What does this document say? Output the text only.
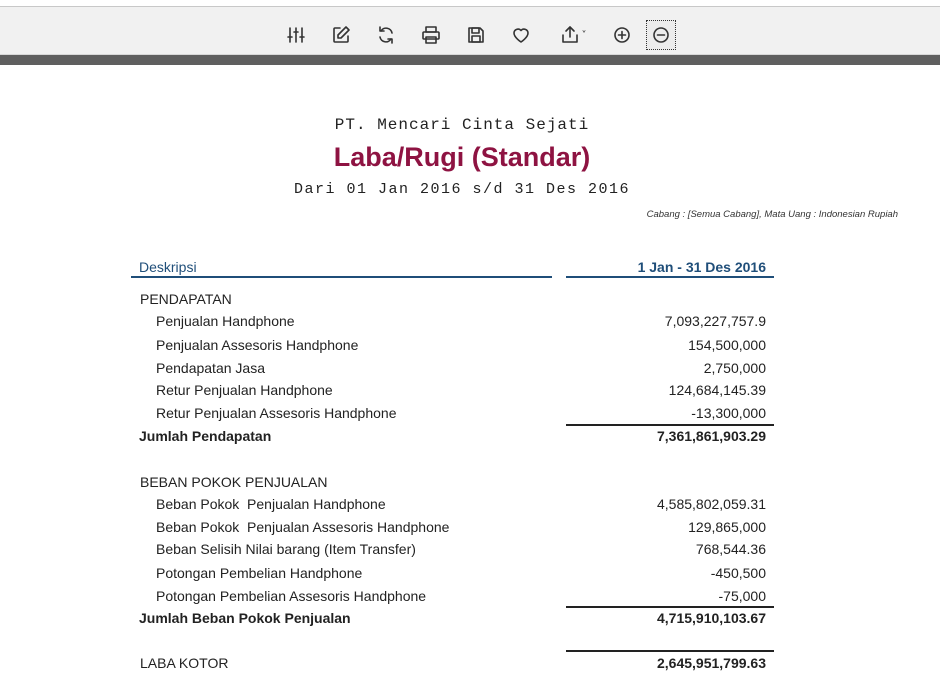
˅
PT. Mencari Cinta Sejati
Laba/Rugi (Standar)
Dari 01 Jan 2016 s/d 31 Des 2016
Cabang : [Semua Cabang], Mata Uang : Indonesian Rupiah
Deskripsi	1 Jan - 31 Des 2016
PENDAPATAN
Penjualan Handphone	7,093,227,757.9
Penjualan Assesoris Handphone	154,500,000
Pendapatan Jasa	2,750,000
Retur Penjualan Handphone	124,684,145.39
Retur Penjualan Assesoris Handphone	-13,300,000
Jumlah Pendapatan	7,361,861,903.29
BEBAN POKOK PENJUALAN
Beban Pokok  Penjualan Handphone	4,585,802,059.31
Beban Pokok  Penjualan Assesoris Handphone	129,865,000
Beban Selisih Nilai barang (Item Transfer)	768,544.36
Potongan Pembelian Handphone	-450,500
Potongan Pembelian Assesoris Handphone	-75,000
Jumlah Beban Pokok Penjualan	4,715,910,103.67
LABA KOTOR	2,645,951,799.63
